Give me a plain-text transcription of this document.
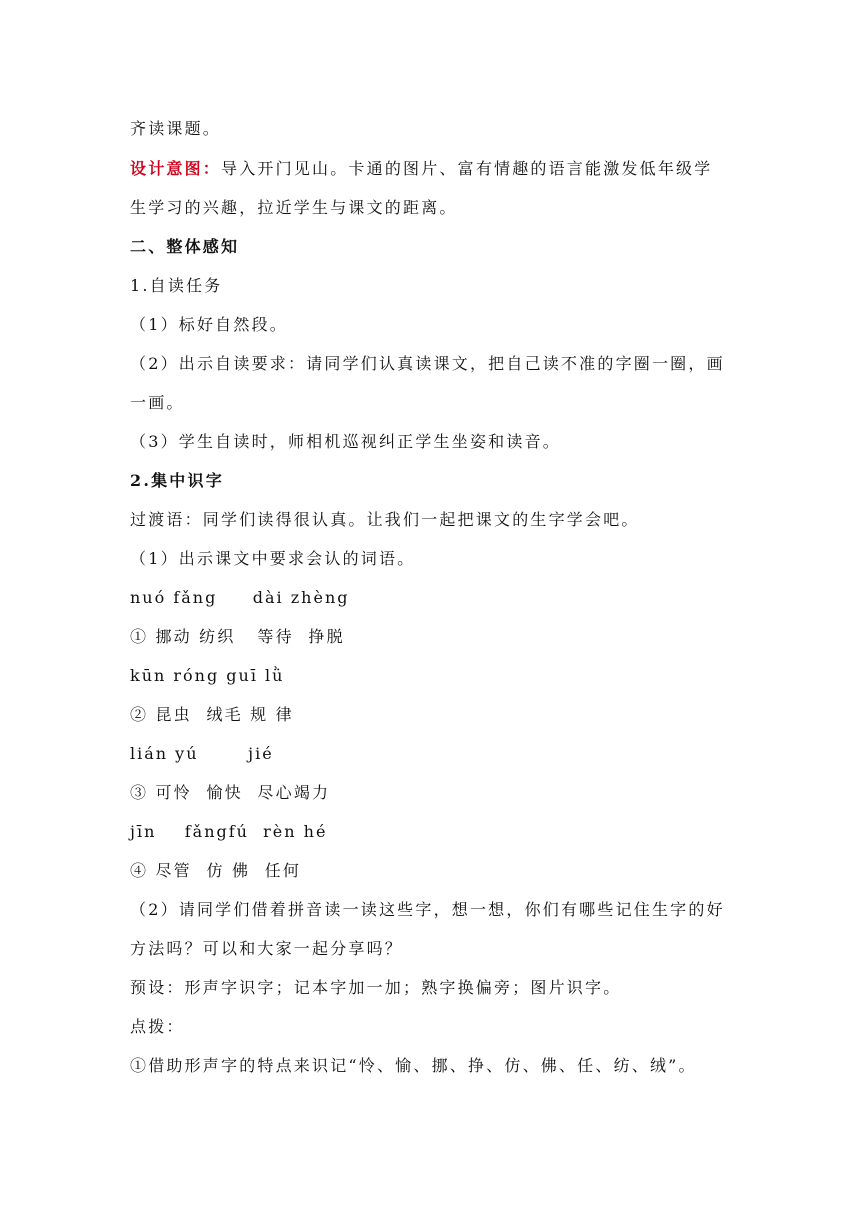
齐读课题。
设计意图：导入开门见山。卡通的图片、富有情趣的语言能激发低年级学
生学习的兴趣，拉近学生与课文的距离。
二、整体感知
1.自读任务
（1）标好自然段。
（2）出示自读要求：请同学们认真读课文，把自己读不准的字圈一圈，画
一画。
（3）学生自读时，师相机巡视纠正学生坐姿和读音。
2.集中识字
过渡语：同学们读得很认真。让我们一起把课文的生字学会吧。
（1）出示课文中要求会认的词语。
nuó fǎng     dài zhèng
① 挪动 纺织   等待  挣脱
kūn róng guī lǜ
② 昆虫  绒毛 规 律
lián yú       jié
③ 可怜  愉快  尽心竭力
jīn    fǎngfú  rèn hé
④ 尽管  仿 佛  任何
（2）请同学们借着拼音读一读这些字，想一想，你们有哪些记住生字的好
方法吗？可以和大家一起分享吗？
预设：形声字识字；记本字加一加；熟字换偏旁；图片识字。
点拨：
①借助形声字的特点来识记“怜、愉、挪、挣、仿、佛、任、纺、绒”。
